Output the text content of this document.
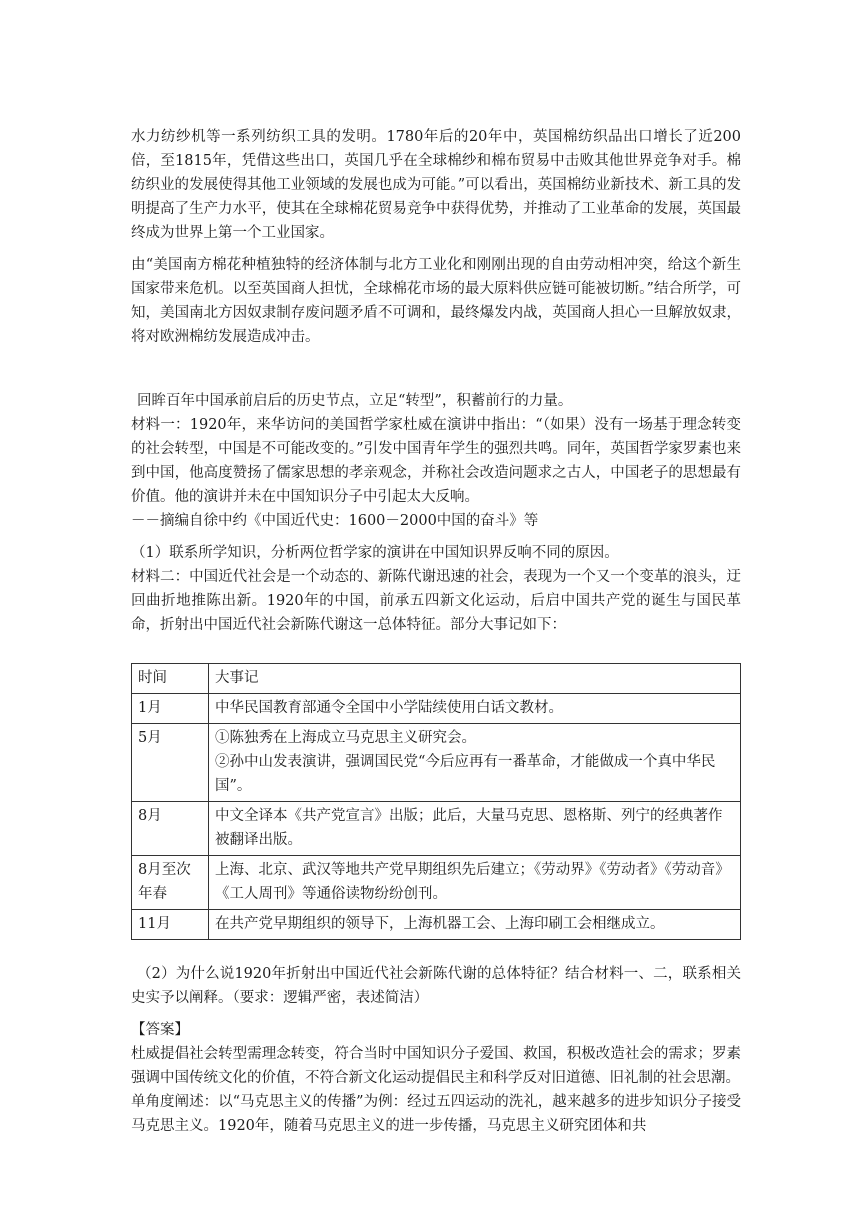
水力纺纱机等一系列纺织工具的发明。1780年后的20年中，英国棉纺织品出口增长了近200倍，至1815年，凭借这些出口，英国几乎在全球棉纱和棉布贸易中击败其他世界竞争对手。棉纺织业的发展使得其他工业领域的发展也成为可能。”可以看出，英国棉纺业新技术、新工具的发明提高了生产力水平，使其在全球棉花贸易竞争中获得优势，并推动了工业革命的发展，英国最终成为世界上第一个工业国家。

由“美国南方棉花种植独特的经济体制与北方工业化和刚刚出现的自由劳动相冲突，给这个新生国家带来危机。以至英国商人担忧，全球棉花市场的最大原料供应链可能被切断。”结合所学，可知，美国南北方因奴隶制存废问题矛盾不可调和，最终爆发内战，英国商人担心一旦解放奴隶，将对欧洲棉纺发展造成冲击。

回眸百年中国承前启后的历史节点，立足“转型”，积蓄前行的力量。

材料一：1920年，来华访问的美国哲学家杜威在演讲中指出：“（如果）没有一场基于理念转变的社会转型，中国是不可能改变的。”引发中国青年学生的强烈共鸣。同年，英国哲学家罗素也来到中国，他高度赞扬了儒家思想的孝亲观念，并称社会改造问题求之古人，中国老子的思想最有价值。他的演讲并未在中国知识分子中引起太大反响。

－－摘编自徐中约《中国近代史：1600－2000中国的奋斗》等

（1）联系所学知识，分析两位哲学家的演讲在中国知识界反响不同的原因。

材料二：中国近代社会是一个动态的、新陈代谢迅速的社会，表现为一个又一个变革的浪头，迂回曲折地推陈出新。1920年的中国，前承五四新文化运动，后启中国共产党的诞生与国民革命，折射出中国近代社会新陈代谢这一总体特征。部分大事记如下：

时间	大事记
1月	中华民国教育部通令全国中小学陆续使用白话文教材。

5月	①陈独秀在上海成立马克思主义研究会。
②孙中山发表演讲，强调国民党“今后应再有一番革命，才能做成一个真中华民国”。

8月	中文全译本《共产党宣言》出版；此后，大量马克思、恩格斯、列宁的经典著作被翻译出版。

8月至次年春	上海、北京、武汉等地共产党早期组织先后建立；《劳动界》《劳动者》《劳动音》《工人周刊》等通俗读物纷纷创刊。

11月	在共产党早期组织的领导下，上海机器工会、上海印刷工会相继成立。

（2）为什么说1920年折射出中国近代社会新陈代谢的总体特征？结合材料一、二，联系相关史实予以阐释。（要求：逻辑严密，表述简洁）

【答案】

杜威提倡社会转型需理念转变，符合当时中国知识分子爱国、救国，积极改造社会的需求；罗素强调中国传统文化的价值，不符合新文化运动提倡民主和科学反对旧道德、旧礼制的社会思潮。

单角度阐述：以“马克思主义的传播”为例：经过五四运动的洗礼，越来越多的进步知识分子接受马克思主义。1920年，随着马克思主义的进一步传播，马克思主义研究团体和共
